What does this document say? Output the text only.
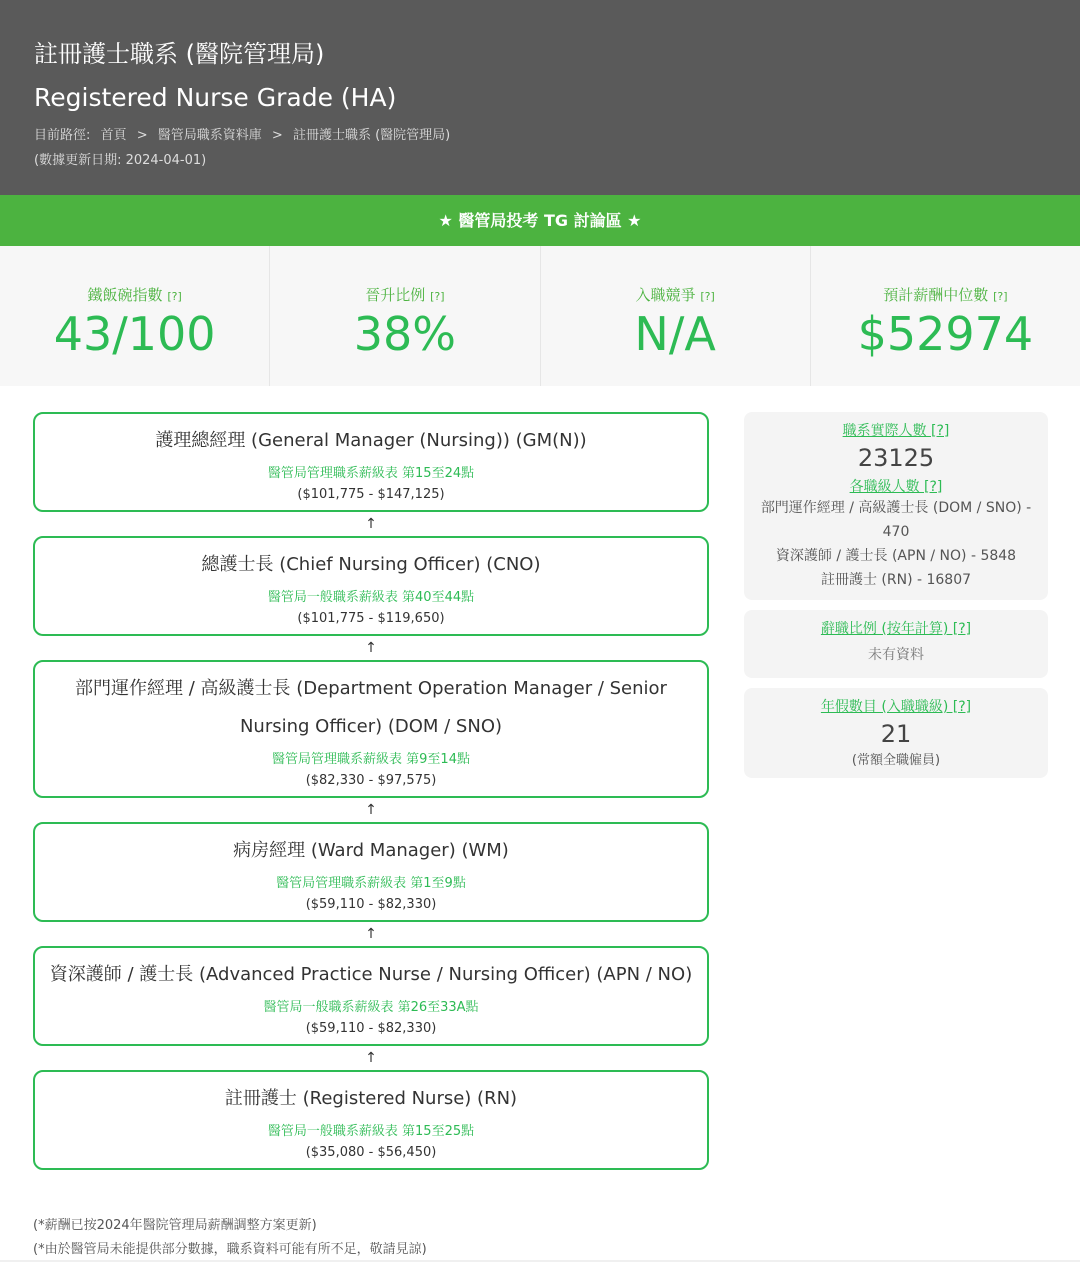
註冊護士職系 (醫院管理局)
Registered Nurse Grade (HA)
目前路徑: 首頁 > 醫管局職系資料庫 > 註冊護士職系 (醫院管理局)
(數據更新日期: 2024-04-01)
★ 醫管局投考 TG 討論區 ★
鐵飯碗指數 [?]
43/100
晉升比例 [?]
38%
入職競爭 [?]
N/A
預計薪酬中位數 [?]
$52974
護理總經理 (General Manager (Nursing)) (GM(N))
醫管局管理職系薪級表 第15至24點
($101,775 - $147,125)
↑
總護士長 (Chief Nursing Officer) (CNO)
醫管局一般職系薪級表 第40至44點
($101,775 - $119,650)
↑
部門運作經理 / 高級護士長 (Department Operation Manager / Senior Nursing Officer) (DOM / SNO)
醫管局管理職系薪級表 第9至14點
($82,330 - $97,575)
↑
病房經理 (Ward Manager) (WM)
醫管局管理職系薪級表 第1至9點
($59,110 - $82,330)
↑
資深護師 / 護士長 (Advanced Practice Nurse / Nursing Officer) (APN / NO)
醫管局一般職系薪級表 第26至33A點
($59,110 - $82,330)
↑
註冊護士 (Registered Nurse) (RN)
醫管局一般職系薪級表 第15至25點
($35,080 - $56,450)
職系實際人數 [?]
23125
各職級人數 [?]
部門運作經理 / 高級護士長 (DOM / SNO) - 470
資深護師 / 護士長 (APN / NO) - 5848
註冊護士 (RN) - 16807
辭職比例 (按年計算) [?]
未有資料
年假數目 (入職職級) [?]
21
(常額全職僱員)
(*薪酬已按2024年醫院管理局薪酬調整方案更新)
(*由於醫管局未能提供部分數據，職系資料可能有所不足，敬請見諒)
